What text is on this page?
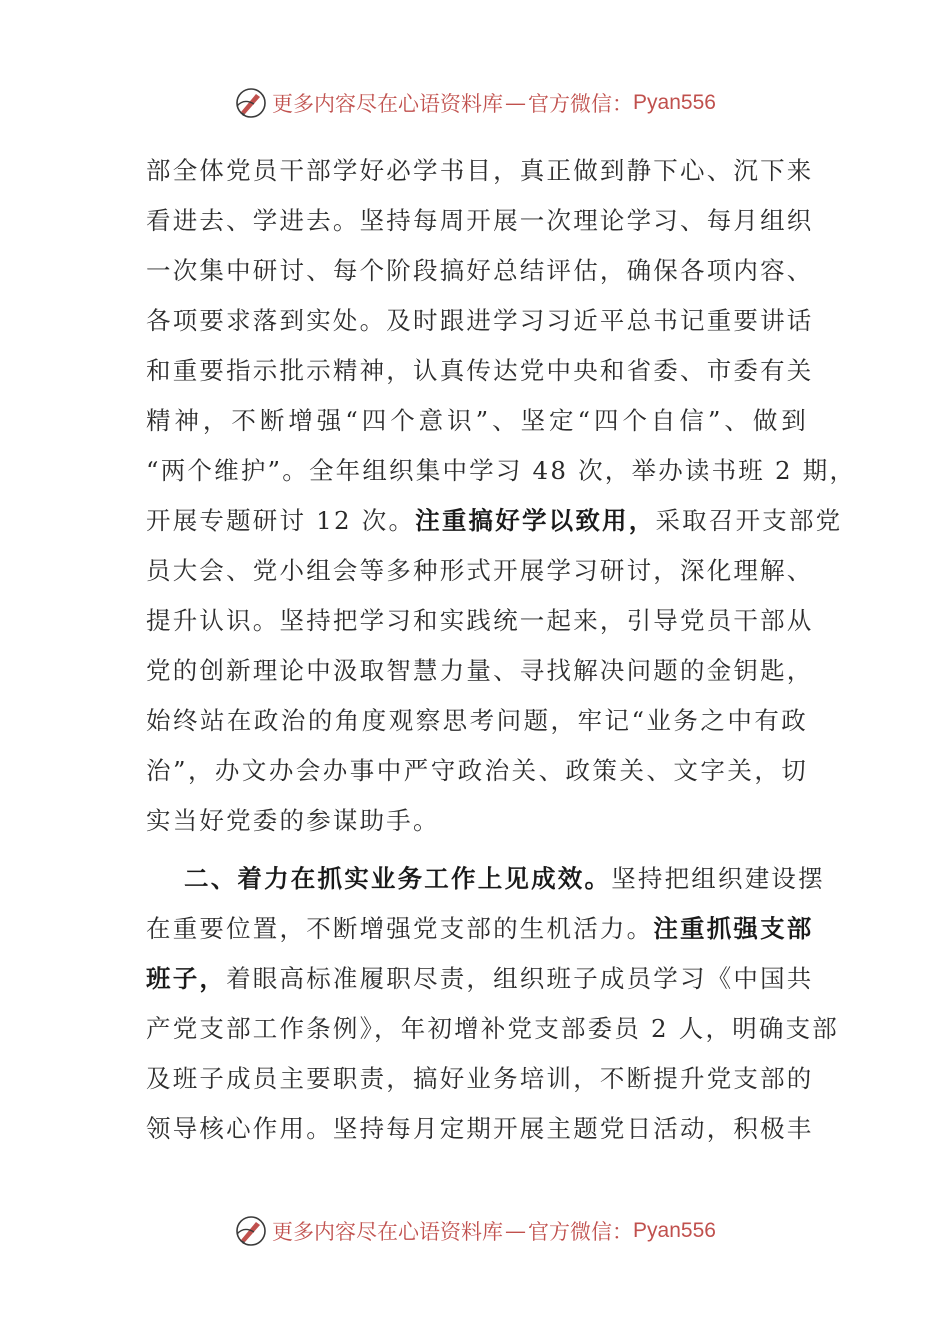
更多内容尽在心语资料库 — 官方微信： Pyan556

部全体党员干部学好必学书目，真正做到静下心、沉下来
看进去、学进去。坚持每周开展一次理论学习、每月组织
一次集中研讨、每个阶段搞好总结评估，确保各项内容、
各项要求落到实处。及时跟进学习习近平总书记重要讲话
和重要指示批示精神，认真传达党中央和省委、市委有关
精神，不断增强“四个意识”、坚定“四个自信”、做到
“两个维护”。全年组织集中学习 48 次，举办读书班 2 期，
开展专题研讨 12 次。注重搞好学以致用，采取召开支部党
员大会、党小组会等多种形式开展学习研讨，深化理解、
提升认识。坚持把学习和实践统一起来，引导党员干部从
党的创新理论中汲取智慧力量、寻找解决问题的金钥匙，
始终站在政治的角度观察思考问题，牢记“业务之中有政
治”，办文办会办事中严守政治关、政策关、文字关，切
实当好党委的参谋助手。

二、着力在抓实业务工作上见成效。坚持把组织建设摆
在重要位置，不断增强党支部的生机活力。注重抓强支部
班子，着眼高标准履职尽责，组织班子成员学习《中国共
产党支部工作条例》，年初增补党支部委员 2 人，明确支部
及班子成员主要职责，搞好业务培训，不断提升党支部的
领导核心作用。坚持每月定期开展主题党日活动，积极丰

更多内容尽在心语资料库 — 官方微信： Pyan556
